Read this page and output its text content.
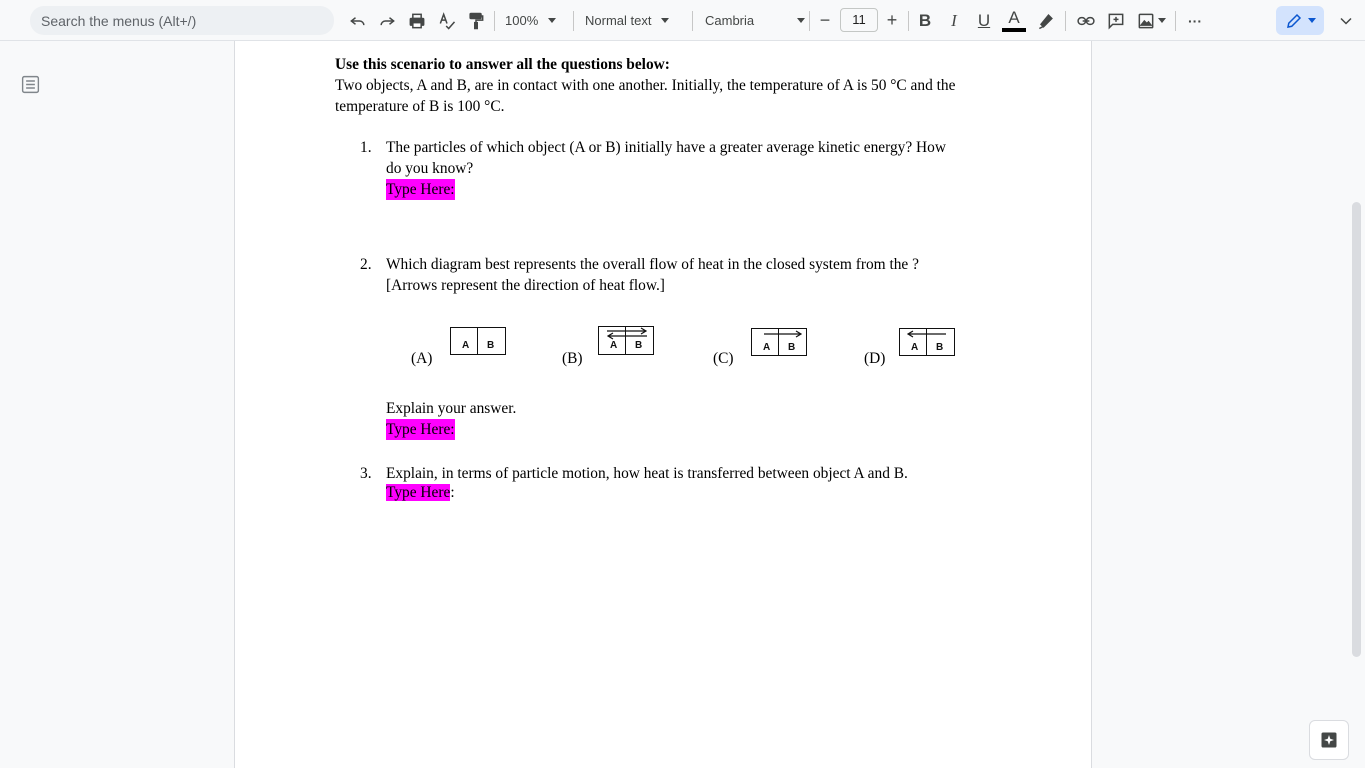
Search the menus (Alt+/)
100%	Normal text	Cambria	−	11	+ B I U A	···
Use this scenario to answer all the questions below:
Two objects, A and B, are in contact with one another. Initially, the temperature of A is 50 °C and the
temperature of B is 100 °C.
1. The particles of which object (A or B) initially have a greater average kinetic energy? How
do you know?
Type Here:
2. Which diagram best represents the overall flow of heat in the closed system from the ?
[Arrows represent the direction of heat flow.]
(A)
A B
(B)
A B
(C)
A B
(D)
A B
Explain your answer.
Type Here:
3. Explain, in terms of particle motion, how heat is transferred between object A and B.
Type Here:
